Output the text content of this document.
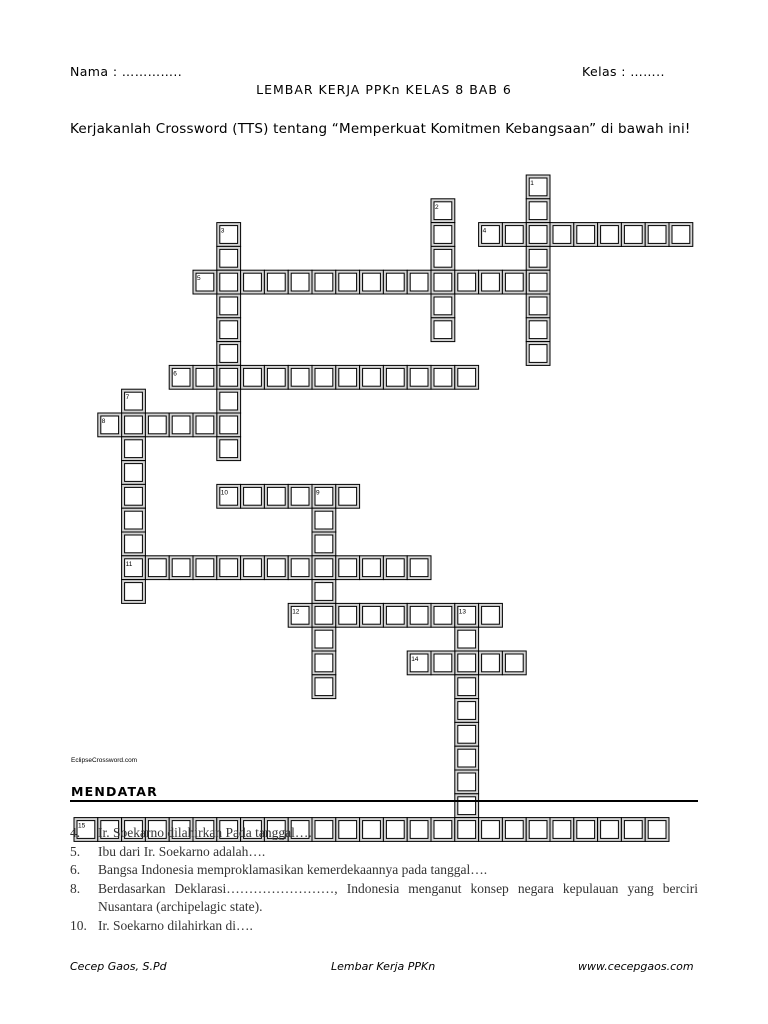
Nama : …………..	Kelas : ……..
LEMBAR KERJA PPKn KELAS 8 BAB 6
Kerjakanlah Crossword (TTS) tentang “Memperkuat Komitmen Kebangsaan” di bawah ini!
1
2
3	4
5
6
7
8
9
10
11
12	13
14
15
EclipseCrossword.com
MENDATAR
4.	Ir. Soekarno dilahirkan Pada tanggal….
5.	Ibu dari Ir. Soekarno adalah….
6.	Bangsa Indonesia memproklamasikan kemerdekaannya pada tanggal….
8.	Berdasarkan Deklarasi……………………, Indonesia menganut konsep negara kepulauan yang berciri Nusantara (archipelagic state).
10. Ir. Soekarno dilahirkan di….
Cecep Gaos, S.Pd	Lembar Kerja PPKn	www.cecepgaos.com
